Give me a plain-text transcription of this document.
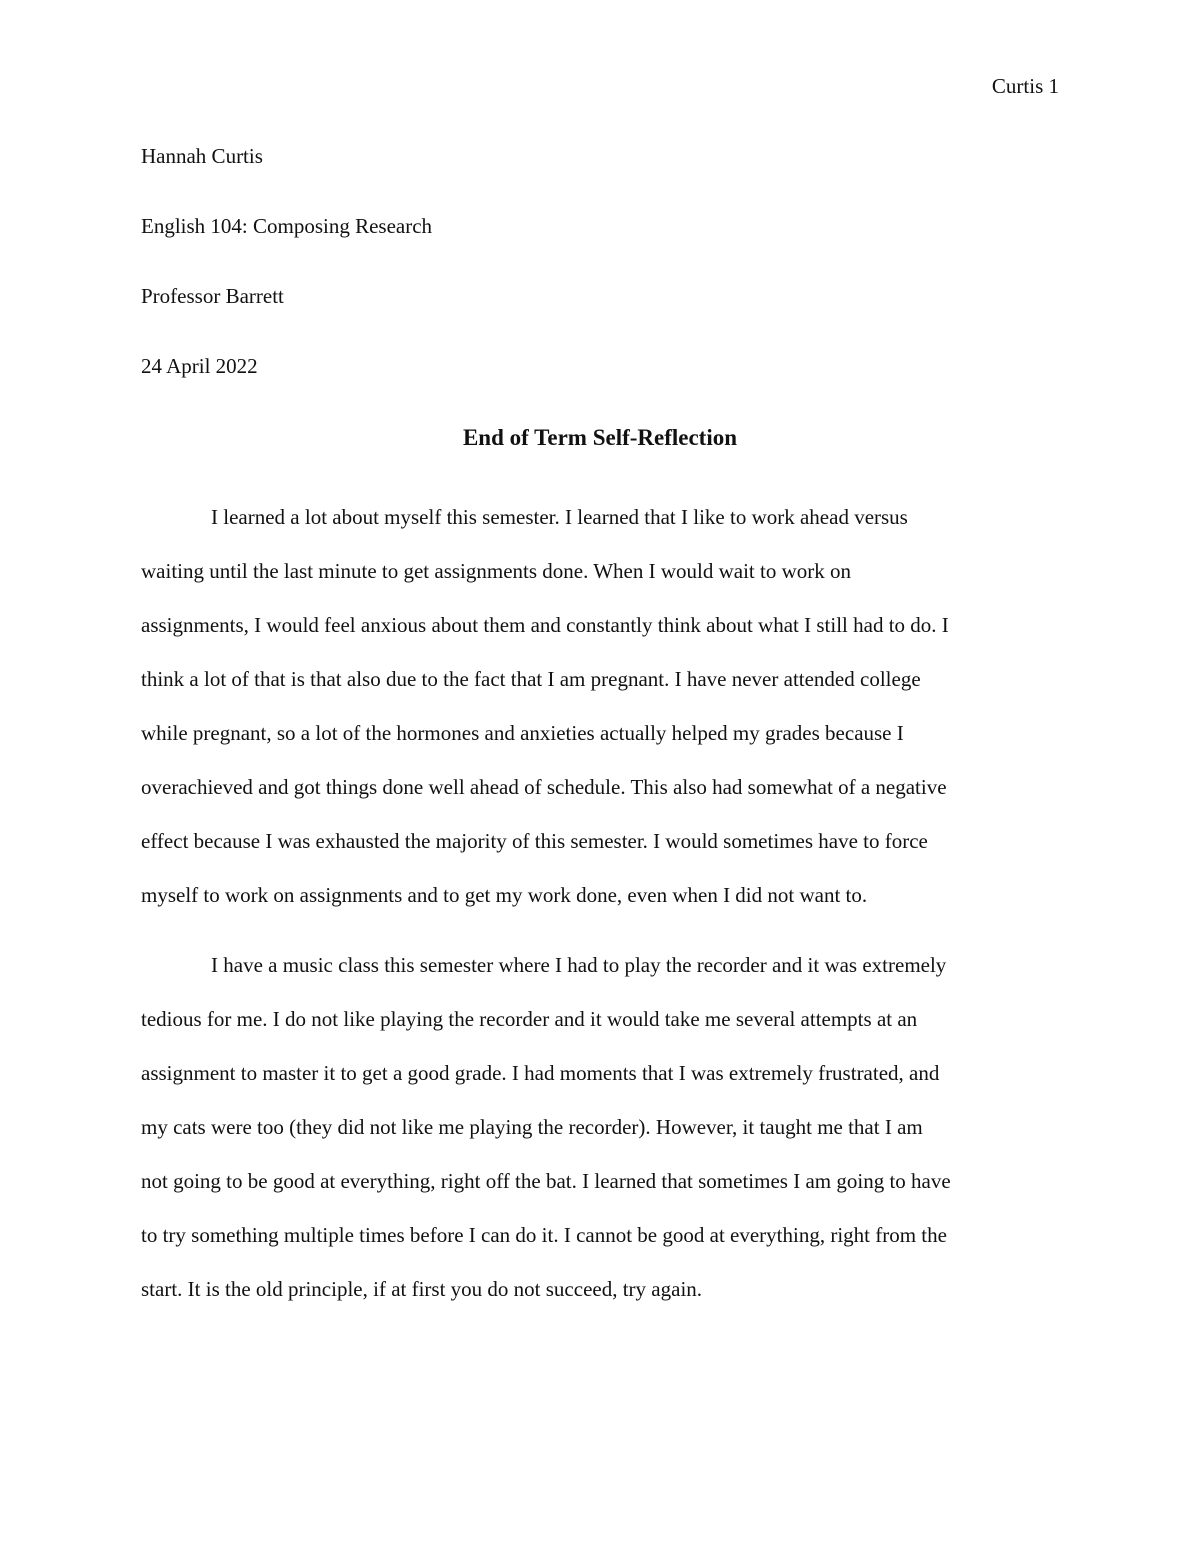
Curtis 1
Hannah Curtis
English 104: Composing Research
Professor Barrett
24 April 2022
End of Term Self-Reflection
I learned a lot about myself this semester. I learned that I like to work ahead versus
waiting until the last minute to get assignments done. When I would wait to work on
assignments, I would feel anxious about them and constantly think about what I still had to do. I
think a lot of that is that also due to the fact that I am pregnant. I have never attended college
while pregnant, so a lot of the hormones and anxieties actually helped my grades because I
overachieved and got things done well ahead of schedule. This also had somewhat of a negative
effect because I was exhausted the majority of this semester. I would sometimes have to force
myself to work on assignments and to get my work done, even when I did not want to.
I have a music class this semester where I had to play the recorder and it was extremely
tedious for me. I do not like playing the recorder and it would take me several attempts at an
assignment to master it to get a good grade. I had moments that I was extremely frustrated, and
my cats were too (they did not like me playing the recorder). However, it taught me that I am
not going to be good at everything, right off the bat. I learned that sometimes I am going to have
to try something multiple times before I can do it. I cannot be good at everything, right from the
start. It is the old principle, if at first you do not succeed, try again.
